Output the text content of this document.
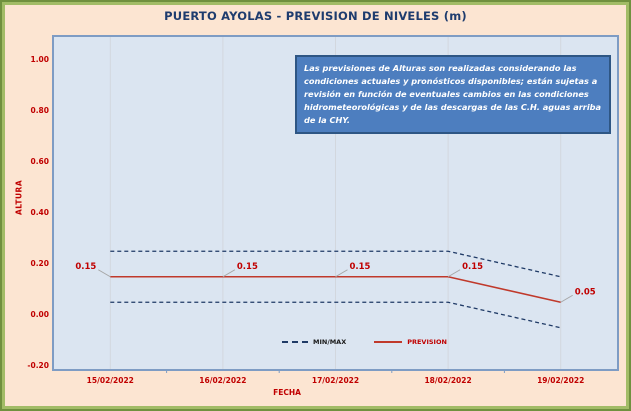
PUERTO AYOLAS - PREVISION DE NIVELES (m)
ALTURA
1.00
0.80
0.60
0.40
0.20
0.00
-0.20
0.15	0.15	0.15	0.15
0.05
MIN/MAX	PREVISION
Las previsiones de Alturas son realizadas considerando las condiciones actuales y pronósticos disponibles; están sujetas a revisión en función de eventuales cambios en las condiciones hidrometeorológicas y de las descargas de las C.H. aguas arriba de la CHY.
15/02/2022	16/02/2022	17/02/2022	18/02/2022	19/02/2022
FECHA
